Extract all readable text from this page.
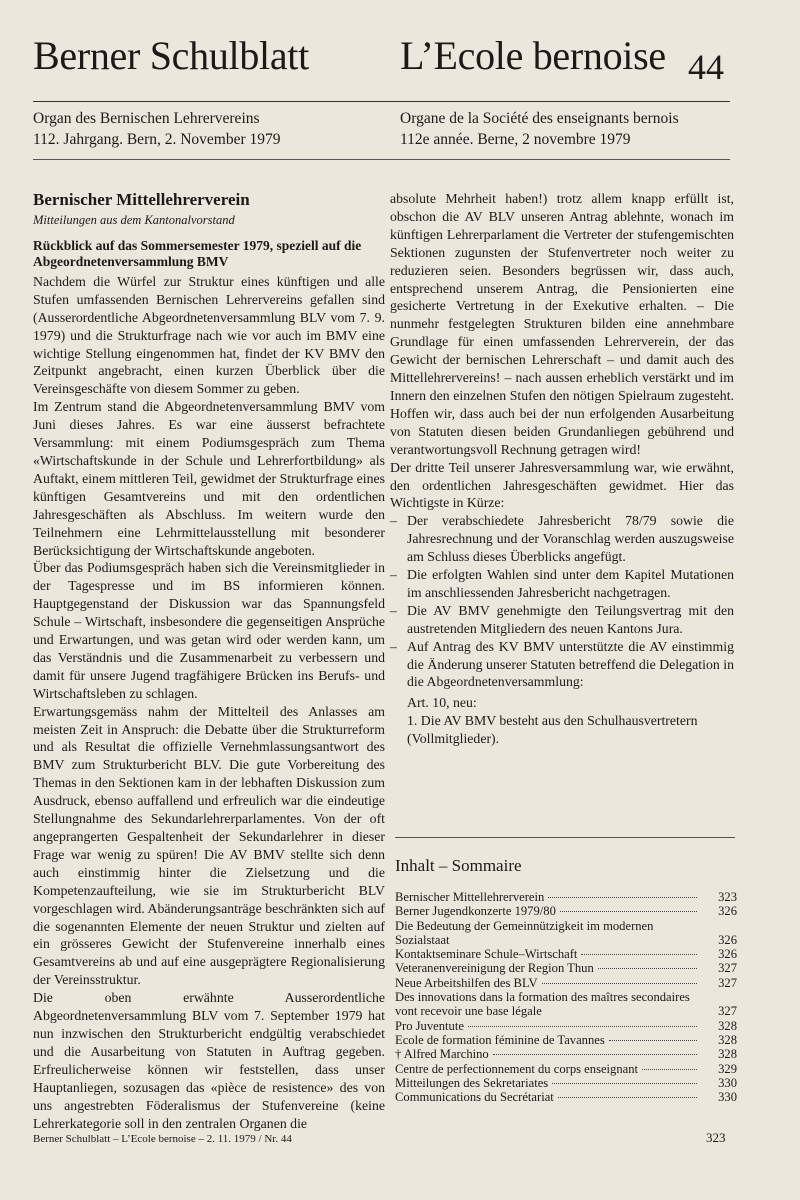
Berner Schulblatt L’Ecole bernoise 44
Organ des Bernischen Lehrervereins
112. Jahrgang. Bern, 2. November 1979
Organe de la Société des enseignants bernois
112e année. Berne, 2 novembre 1979
Bernischer Mittellehrerverein
Mitteilungen aus dem Kantonalvorstand
Rückblick auf das Sommersemester 1979, speziell auf die Abgeordnetenversammlung BMV

Nachdem die Würfel zur Struktur eines künftigen und alle Stufen umfassenden Bernischen Lehrervereins gefallen sind (Ausserordentliche Abgeordnetenversammlung BLV vom 7. 9. 1979) und die Strukturfrage nach wie vor auch im BMV eine wichtige Stellung eingenommen hat, findet der KV BMV den Zeitpunkt angebracht, einen kurzen Überblick über die Vereinsgeschäfte von diesem Sommer zu geben.

Im Zentrum stand die Abgeordnetenversammlung BMV vom Juni dieses Jahres. Es war eine äusserst befrachtete Versammlung: mit einem Podiumsgespräch zum Thema «Wirtschaftskunde in der Schule und Lehrerfortbildung» als Auftakt, einem mittleren Teil, gewidmet der Strukturfrage eines künftigen Gesamtvereins und mit den ordentlichen Jahresgeschäften als Abschluss. Im weitern wurde den Teilnehmern eine Lehrmittelausstellung mit besonderer Berücksichtigung der Wirtschaftskunde angeboten.

Über das Podiumsgespräch haben sich die Vereinsmitglieder in der Tagespresse und im BS informieren können. Hauptgegenstand der Diskussion war das Spannungsfeld Schule – Wirtschaft, insbesondere die gegenseitigen Ansprüche und Erwartungen, und was getan wird oder werden kann, um das Verständnis und die Zusammenarbeit zu verbessern und damit für unsere Jugend tragfähigere Brücken ins Berufs- und Wirtschaftsleben zu schlagen.

Erwartungsgemäss nahm der Mittelteil des Anlasses am meisten Zeit in Anspruch: die Debatte über die Strukturreform und als Resultat die offizielle Vernehmlassungsantwort des BMV zum Strukturbericht BLV. Die gute Vorbereitung des Themas in den Sektionen kam in der lebhaften Diskussion zum Ausdruck, ebenso auffallend und erfreulich war die eindeutige Stellungnahme des Sekundarlehrerparlamentes. Von der oft angeprangerten Gespaltenheit der Sekundarlehrer in dieser Frage war wenig zu spüren! Die AV BMV stellte sich denn auch einstimmig hinter die Zielsetzung und die Kompetenzaufteilung, wie sie im Strukturbericht BLV vorgeschlagen wird. Abänderungsanträge beschränkten sich auf die sogenannten Elemente der neuen Struktur und zielten auf ein grösseres Gewicht der Stufenvereine innerhalb eines Gesamtvereins ab und auf eine ausgeprägtere Regionalisierung der Vereinsstruktur.

Die oben erwähnte Ausserordentliche Abgeordnetenversammlung BLV vom 7. September 1979 hat nun inzwischen den Strukturbericht endgültig verabschiedet und die Ausarbeitung von Statuten in Auftrag gegeben. Erfreulicherweise können wir feststellen, dass unser Hauptanliegen, sozusagen das «pièce de resistence» des von uns angestrebten Föderalismus der Stufenvereine (keine Lehrerkategorie soll in den zentralen Organen die

absolute Mehrheit haben!) trotz allem knapp erfüllt ist, obschon die AV BLV unseren Antrag ablehnte, wonach im künftigen Lehrerparlament die Vertreter der stufengemischten Sektionen zugunsten der Stufenvertreter noch weiter zu reduzieren seien. Besonders begrüssen wir, dass auch, entsprechend unserem Antrag, die Pensionierten eine gesicherte Vertretung in der Exekutive erhalten. – Die nunmehr festgelegten Strukturen bilden eine annehmbare Grundlage für einen umfassenden Lehrerverein, der das Gewicht der bernischen Lehrerschaft – und damit auch des Mittellehrervereins! – nach aussen erheblich verstärkt und im Innern den einzelnen Stufen den nötigen Spielraum zugesteht. Hoffen wir, dass auch bei der nun erfolgenden Ausarbeitung von Statuten diesen beiden Grundanliegen gebührend und verantwortungsvoll Rechnung getragen wird!

Der dritte Teil unserer Jahresversammlung war, wie erwähnt, den ordentlichen Jahresgeschäften gewidmet. Hier das Wichtigste in Kürze:

– Der verabschiedete Jahresbericht 78/79 sowie die Jahresrechnung und der Voranschlag werden auszugsweise am Schluss dieses Überblicks angefügt.
– Die erfolgten Wahlen sind unter dem Kapitel Mutationen im anschliessenden Jahresbericht nachgetragen.
– Die AV BMV genehmigte den Teilungsvertrag mit den austretenden Mitgliedern des neuen Kantons Jura.
– Auf Antrag des KV BMV unterstützte die AV einstimmig die Änderung unserer Statuten betreffend die Delegation in die Abgeordnetenversammlung:
Art. 10, neu:
1. Die AV BMV besteht aus den Schulhausvertretern (Vollmitglieder).
Inhalt – Sommaire
Bernischer Mittellehrerverein	323
Berner Jugendkonzerte 1979/80	326
Die Bedeutung der Gemeinnützigkeit im modernen Sozialstaat	326
Kontaktseminare Schule–Wirtschaft	326
Veteranenvereinigung der Region Thun	327
Neue Arbeitshilfen des BLV	327
Des innovations dans la formation des maîtres secondaires vont recevoir une base légale	327
Pro Juventute	328
Ecole de formation féminine de Tavannes	328
† Alfred Marchino	328
Centre de perfectionnement du corps enseignant	329
Mitteilungen des Sekretariates	330
Communications du Secrétariat	330
Berner Schulblatt – L’Ecole bernoise – 2. 11. 1979 / Nr. 44	323
